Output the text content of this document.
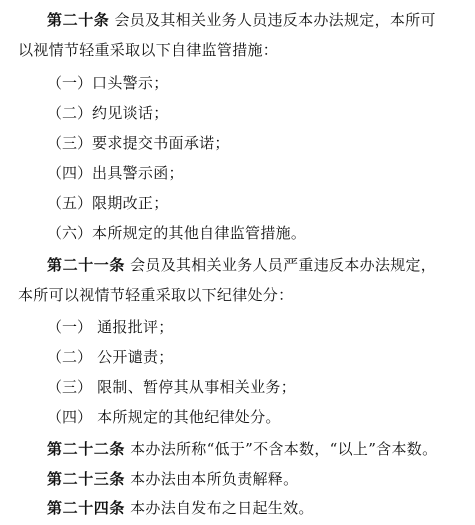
第二十条 会员及其相关业务人员违反本办法规定，本所可
以视情节轻重采取以下自律监管措施：
（一）口头警示；
（二）约见谈话；
（三）要求提交书面承诺；
（四）出具警示函；
（五）限期改正；
（六）本所规定的其他自律监管措施。
第二十一条 会员及其相关业务人员严重违反本办法规定，
本所可以视情节轻重采取以下纪律处分：
（一） 通报批评；
（二） 公开谴责；
（三） 限制、暂停其从事相关业务；
（四） 本所规定的其他纪律处分。
第二十二条 本办法所称“低于”不含本数，“以上”含本数。
第二十三条 本办法由本所负责解释。
第二十四条 本办法自发布之日起生效。
